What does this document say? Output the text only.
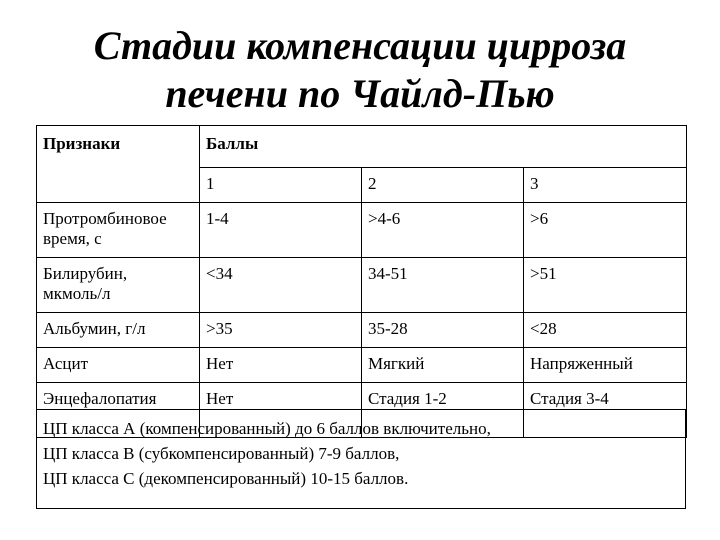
Стадии компенсации цирроза
печени по Чайлд-Пью
Признаки	Баллы		
	1	2	3

Протромбиновое
время, с	1-4	>4-6	>6

Билирубин,
мкмоль/л	<34	34-51	>51
Альбумин, г/л	>35	35-28	<28
Асцит	Нет	Мягкий	Напряженный
Энцефалопатия	Нет	Стадия 1-2	Стадия 3-4
ЦП класса А (компенсированный) до 6 баллов включительно,
ЦП класса В (субкомпенсированный) 7-9 баллов,
ЦП класса С (декомпенсированный) 10-15 баллов.
